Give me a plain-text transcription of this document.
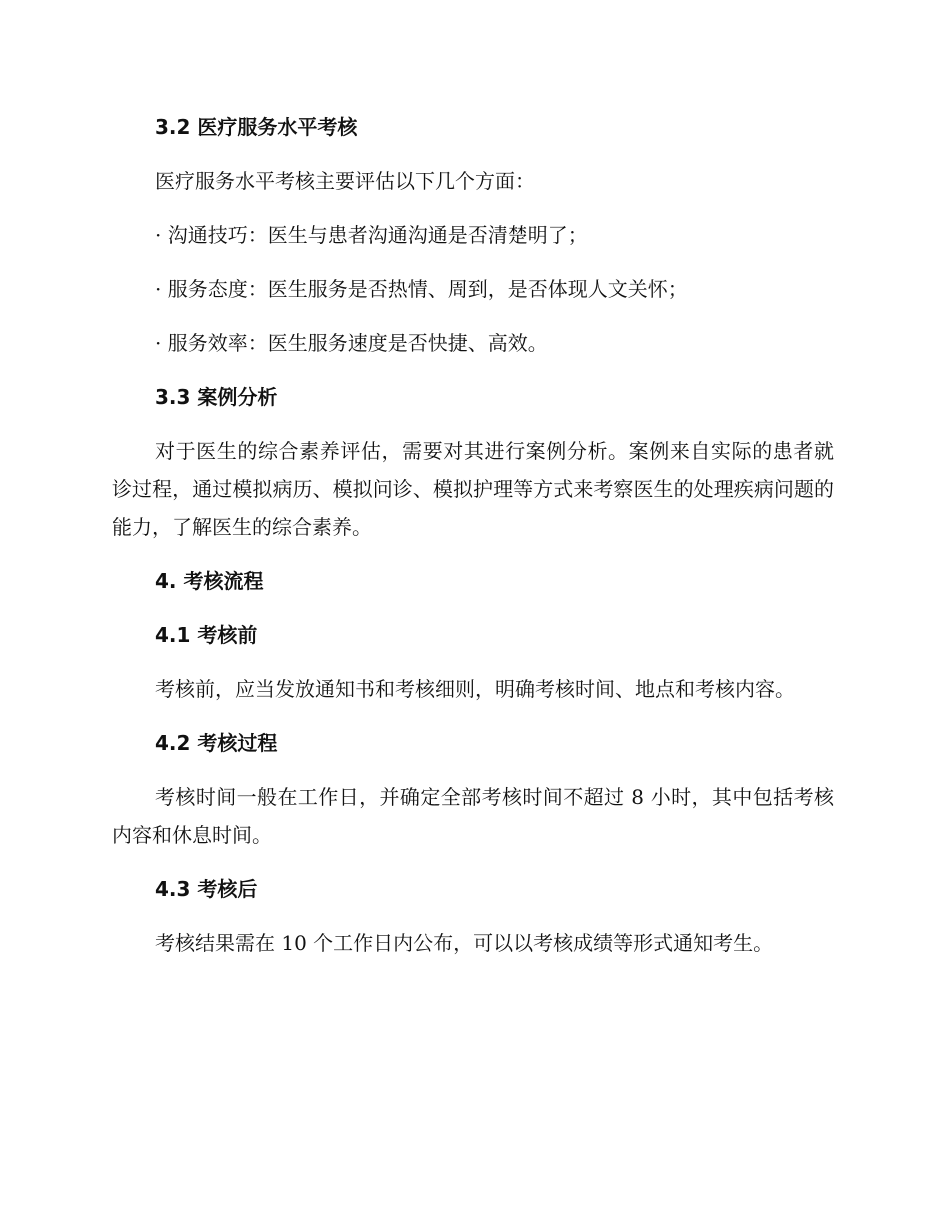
3.2 医疗服务水平考核
医疗服务水平考核主要评估以下几个方面：
· 沟通技巧：医生与患者沟通沟通是否清楚明了；
· 服务态度：医生服务是否热情、周到，是否体现人文关怀；
· 服务效率：医生服务速度是否快捷、高效。
3.3 案例分析
对于医生的综合素养评估，需要对其进行案例分析。案例来自实际的患者就诊过程，通过模拟病历、模拟问诊、模拟护理等方式来考察医生的处理疾病问题的能力，了解医生的综合素养。
4. 考核流程
4.1 考核前
考核前，应当发放通知书和考核细则，明确考核时间、地点和考核内容。
4.2 考核过程
考核时间一般在工作日，并确定全部考核时间不超过 8 小时，其中包括考核内容和休息时间。
4.3 考核后
考核结果需在 10 个工作日内公布，可以以考核成绩等形式通知考生。
